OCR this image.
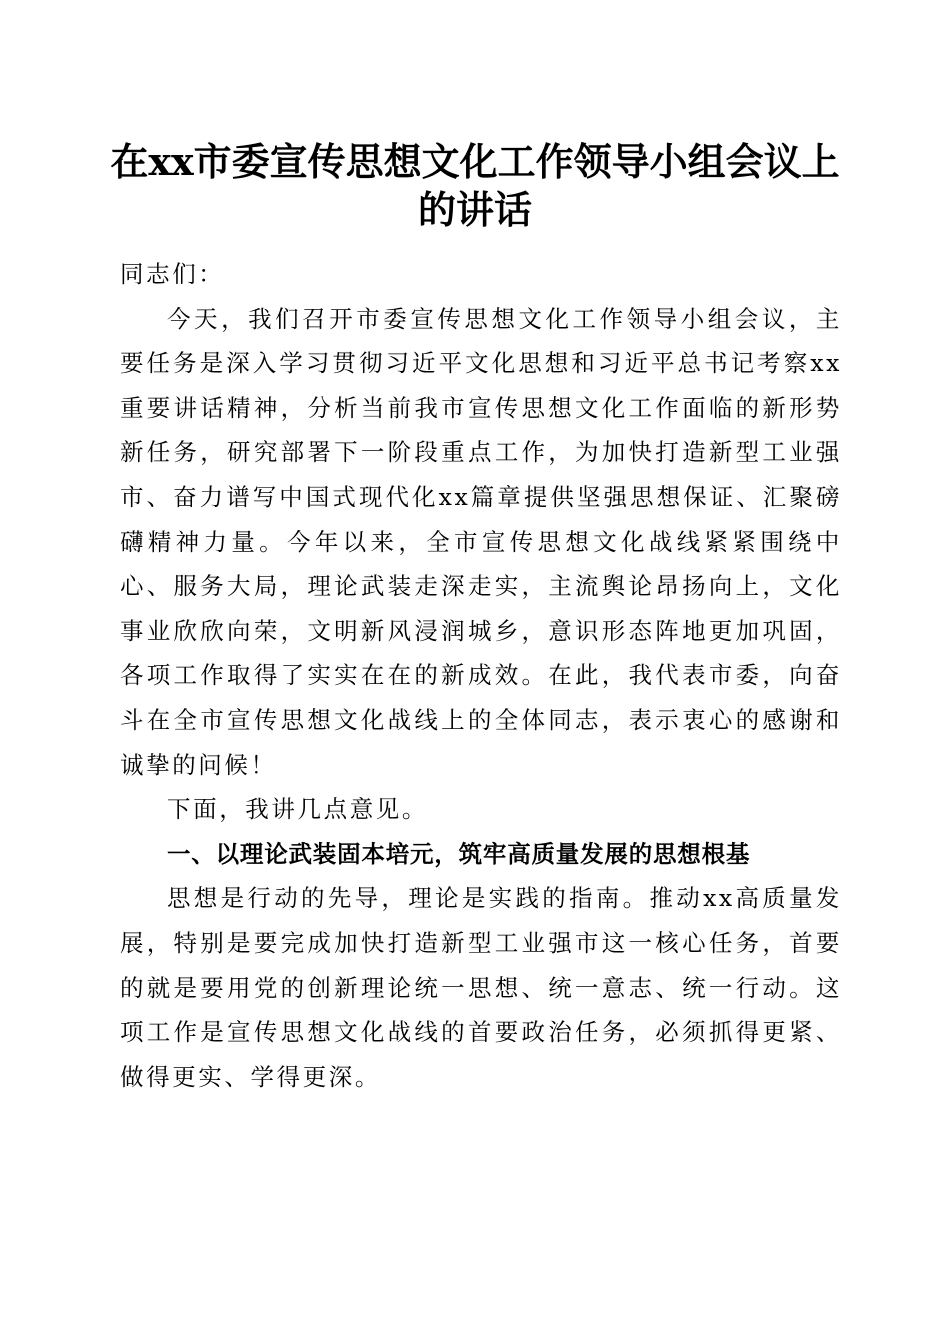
在xx市委宣传思想文化工作领导小组会议上的讲话

同志们：

今天，我们召开市委宣传思想文化工作领导小组会议，主要任务是深入学习贯彻习近平文化思想和习近平总书记考察xx重要讲话精神，分析当前我市宣传思想文化工作面临的新形势新任务，研究部署下一阶段重点工作，为加快打造新型工业强市、奋力谱写中国式现代化xx篇章提供坚强思想保证、汇聚磅礴精神力量。今年以来，全市宣传思想文化战线紧紧围绕中心、服务大局，理论武装走深走实，主流舆论昂扬向上，文化事业欣欣向荣，文明新风浸润城乡，意识形态阵地更加巩固，各项工作取得了实实在在的新成效。在此，我代表市委，向奋斗在全市宣传思想文化战线上的全体同志，表示衷心的感谢和诚挚的问候！

下面，我讲几点意见。

一、以理论武装固本培元，筑牢高质量发展的思想根基

思想是行动的先导，理论是实践的指南。推动xx高质量发展，特别是要完成加快打造新型工业强市这一核心任务，首要的就是要用党的创新理论统一思想、统一意志、统一行动。这项工作是宣传思想文化战线的首要政治任务，必须抓得更紧、做得更实、学得更深。
